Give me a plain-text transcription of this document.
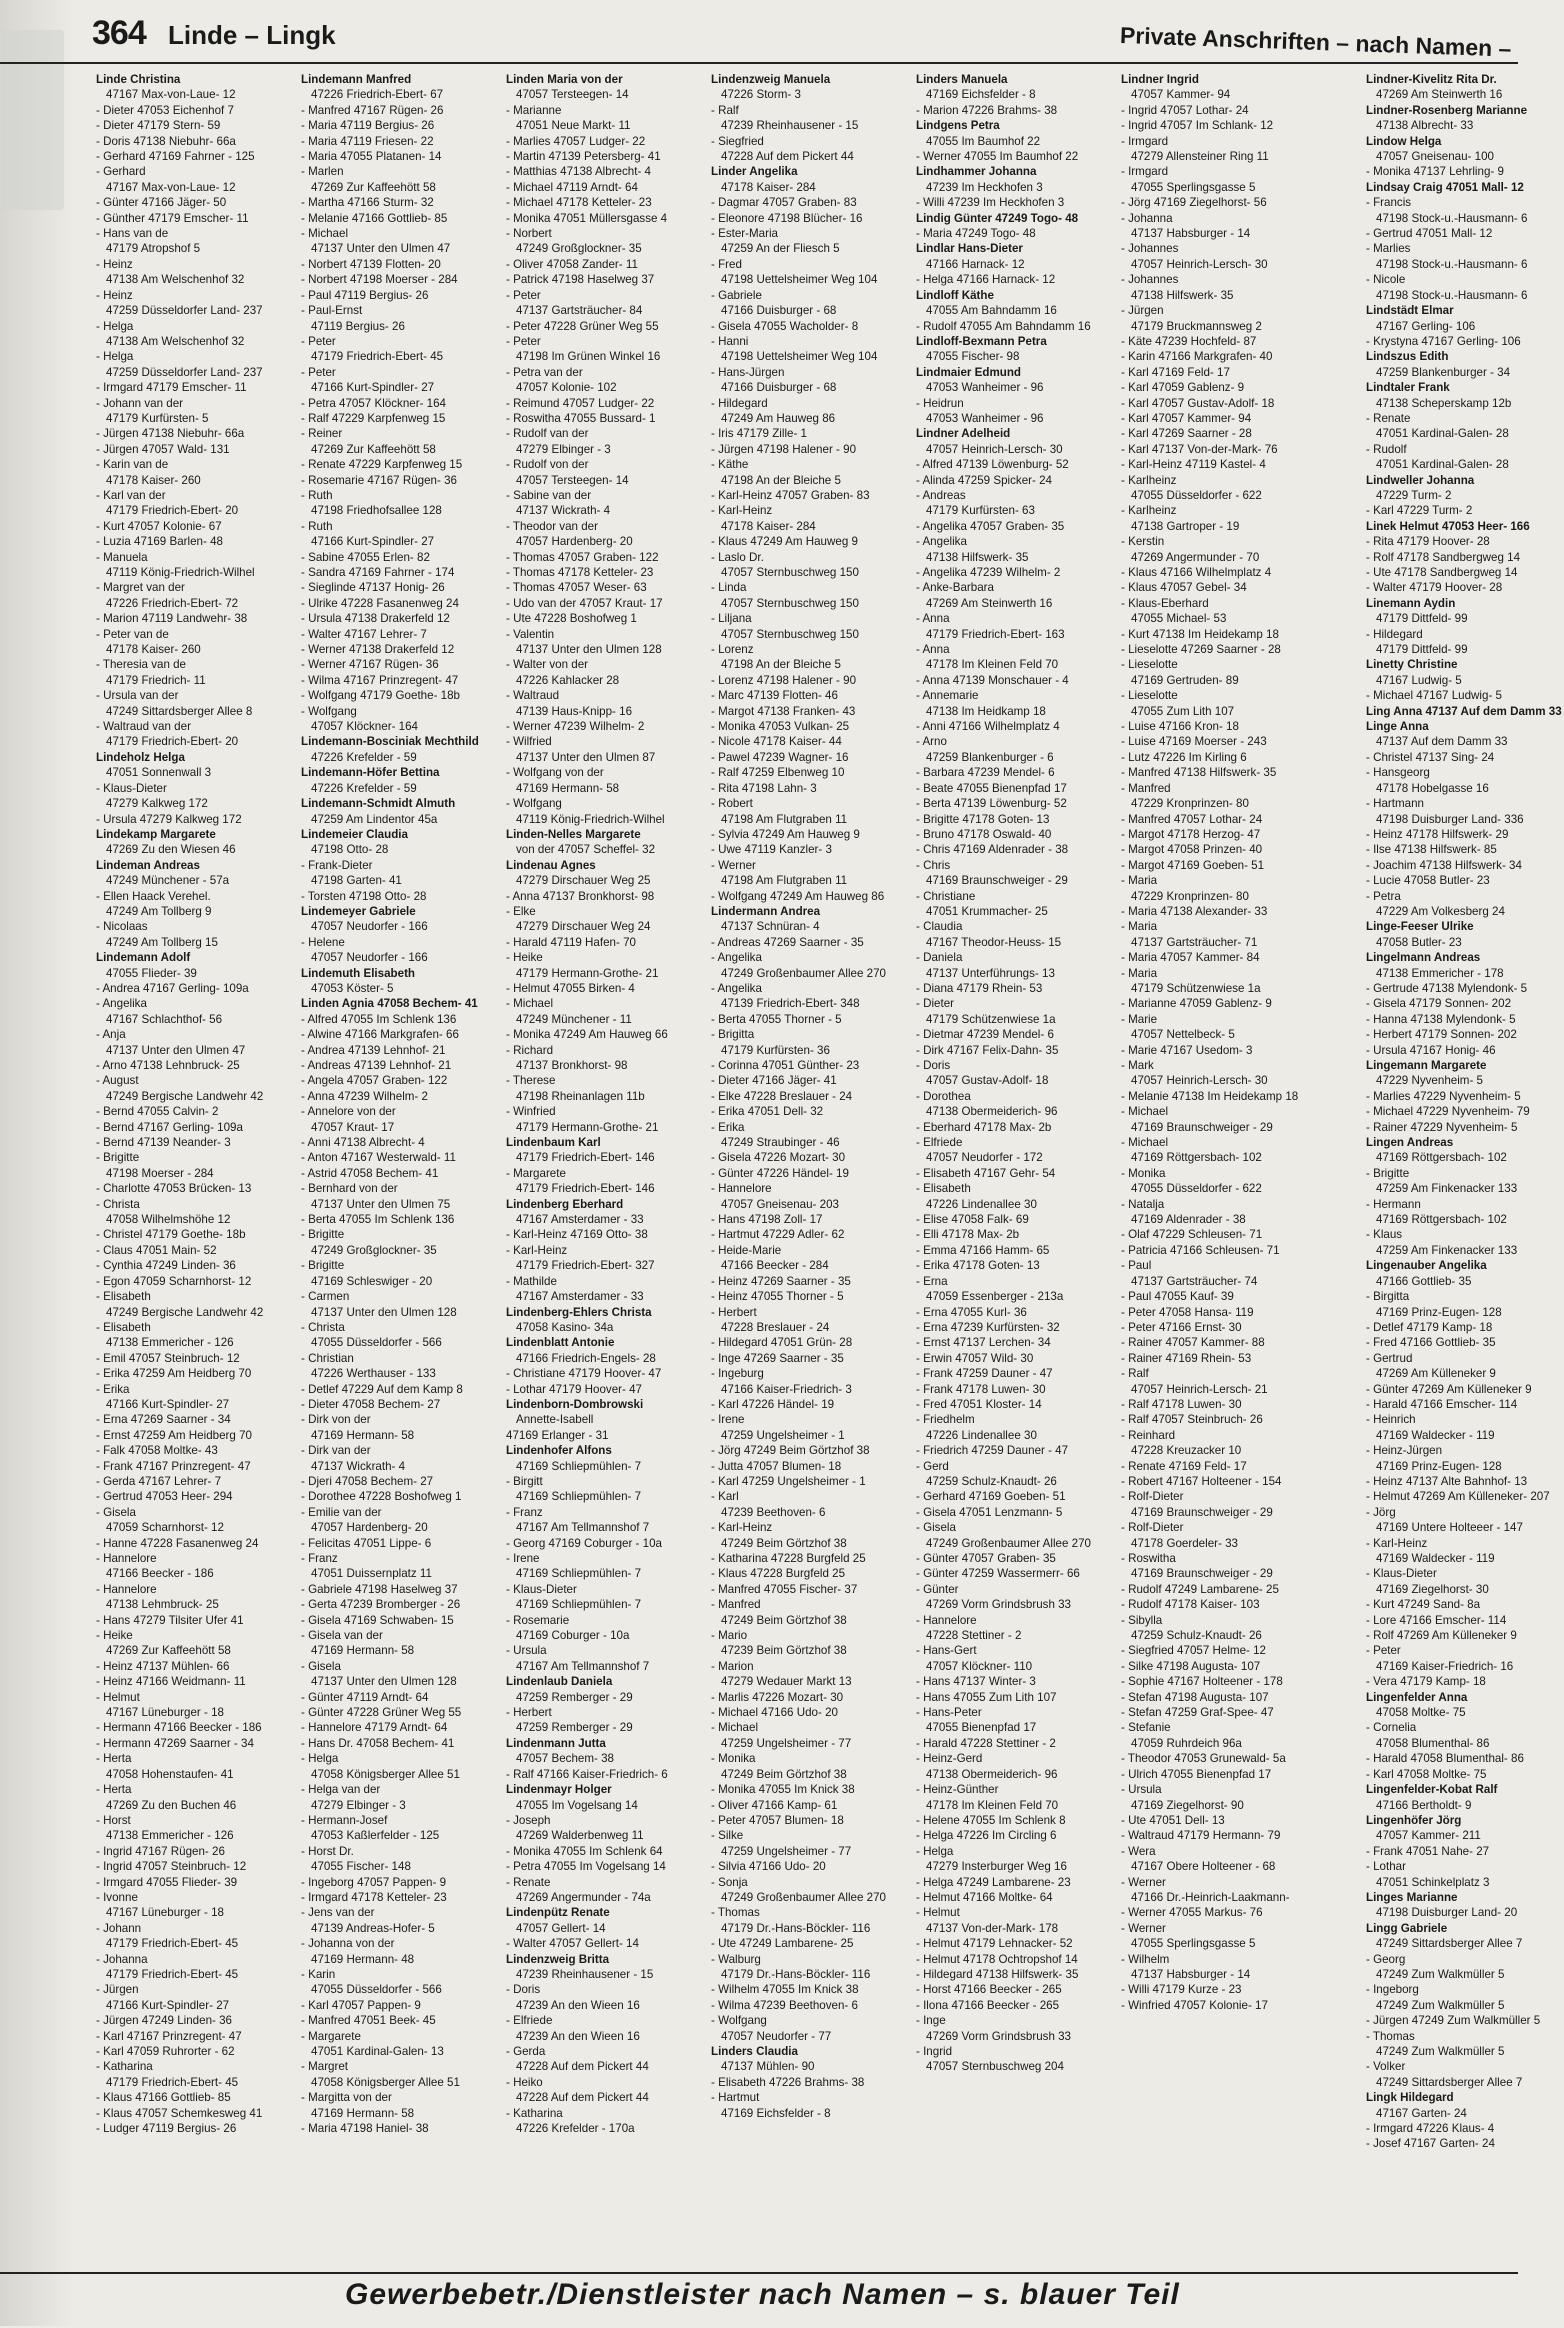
364 Linde – Lingk	Private Anschriften – nach Namen –
Linde Christina
47167 Max-von-Laue- 12
- Dieter 47053 Eichenhof 7
- Dieter 47179 Stern- 59
- Doris 47138 Niebuhr- 66a
- Gerhard 47169 Fahrner - 125
- Gerhard
47167 Max-von-Laue- 12
- Günter 47166 Jäger- 50
- Günther 47179 Emscher- 11
- Hans van de
47179 Atropshof 5
- Heinz
47138 Am Welschenhof 32
- Heinz
47259 Düsseldorfer Land- 237
- Helga
47138 Am Welschenhof 32
- Helga
47259 Düsseldorfer Land- 237
- Irmgard 47179 Emscher- 11
- Johann van der
47179 Kurfürsten- 5
- Jürgen 47138 Niebuhr- 66a
- Jürgen 47057 Wald- 131
- Karin van de
47178 Kaiser- 260
- Karl van der
47179 Friedrich-Ebert- 20
- Kurt 47057 Kolonie- 67
- Luzia 47169 Barlen- 48
- Manuela
47119 König-Friedrich-Wilhel
- Margret van der
47226 Friedrich-Ebert- 72
- Marion 47119 Landwehr- 38
- Peter van de
47178 Kaiser- 260
- Theresia van de
47179 Friedrich- 11
- Ursula van der
47249 Sittardsberger Allee 8
- Waltraud van der
47179 Friedrich-Ebert- 20
Lindeholz Helga
47051 Sonnenwall 3
- Klaus-Dieter
47279 Kalkweg 172
- Ursula 47279 Kalkweg 172
Lindekamp Margarete
47269 Zu den Wiesen 46
Lindeman Andreas
47249 Münchener - 57a
- Ellen Haack Verehel.
47249 Am Tollberg 9
- Nicolaas
47249 Am Tollberg 15
Lindemann Adolf
47055 Flieder- 39
- Andrea 47167 Gerling- 109a
- Angelika
47167 Schlachthof- 56
- Anja
47137 Unter den Ulmen 47
- Arno 47138 Lehnbruck- 25
- August
47249 Bergische Landwehr 42
- Bernd 47055 Calvin- 2
- Bernd 47167 Gerling- 109a
- Bernd 47139 Neander- 3
- Brigitte
47198 Moerser - 284
- Charlotte 47053 Brücken- 13
- Christa
47058 Wilhelmshöhe 12
- Christel 47179 Goethe- 18b
- Claus 47051 Main- 52
- Cynthia 47249 Linden- 36
- Egon 47059 Scharnhorst- 12
- Elisabeth
47249 Bergische Landwehr 42
- Elisabeth
47138 Emmericher - 126
- Emil 47057 Steinbruch- 12
- Erika 47259 Am Heidberg 70
- Erika
47166 Kurt-Spindler- 27
- Erna 47269 Saarner - 34
- Ernst 47259 Am Heidberg 70
- Falk 47058 Moltke- 43
- Frank 47167 Prinzregent- 47
- Gerda 47167 Lehrer- 7
- Gertrud 47053 Heer- 294
- Gisela
47059 Scharnhorst- 12
- Hanne 47228 Fasanenweg 24
- Hannelore
47166 Beecker - 186
- Hannelore
47138 Lehmbruck- 25
- Hans 47279 Tilsiter Ufer 41
- Heike
47269 Zur Kaffeehött 58
- Heinz 47137 Mühlen- 66
- Heinz 47166 Weidmann- 11
- Helmut
47167 Lüneburger - 18
- Hermann 47166 Beecker - 186
- Hermann 47269 Saarner - 34
- Herta
47058 Hohenstaufen- 41
- Herta
47269 Zu den Buchen 46
- Horst
47138 Emmericher - 126
- Ingrid 47167 Rügen- 26
- Ingrid 47057 Steinbruch- 12
- Irmgard 47055 Flieder- 39
- Ivonne
47167 Lüneburger - 18
- Johann
47179 Friedrich-Ebert- 45
- Johanna
47179 Friedrich-Ebert- 45
- Jürgen
47166 Kurt-Spindler- 27
- Jürgen 47249 Linden- 36
- Karl 47167 Prinzregent- 47
- Karl 47059 Ruhrorter - 62
- Katharina
47179 Friedrich-Ebert- 45
- Klaus 47166 Gottlieb- 85
- Klaus 47057 Schemkesweg 41
- Ludger 47119 Bergius- 26
Lindemann Manfred
47226 Friedrich-Ebert- 67
- Manfred 47167 Rügen- 26
- Maria 47119 Bergius- 26
- Maria 47119 Friesen- 22
- Maria 47055 Platanen- 14
- Marlen
47269 Zur Kaffeehött 58
- Martha 47166 Sturm- 32
- Melanie 47166 Gottlieb- 85
- Michael
47137 Unter den Ulmen 47
- Norbert 47139 Flotten- 20
- Norbert 47198 Moerser - 284
- Paul 47119 Bergius- 26
- Paul-Ernst
47119 Bergius- 26
- Peter
47179 Friedrich-Ebert- 45
- Peter
47166 Kurt-Spindler- 27
- Petra 47057 Klöckner- 164
- Ralf 47229 Karpfenweg 15
- Reiner
47269 Zur Kaffeehött 58
- Renate 47229 Karpfenweg 15
- Rosemarie 47167 Rügen- 36
- Ruth
47198 Friedhofsallee 128
- Ruth
47166 Kurt-Spindler- 27
- Sabine 47055 Erlen- 82
- Sandra 47169 Fahrner - 174
- Sieglinde 47137 Honig- 26
- Ulrike 47228 Fasanenweg 24
- Ursula 47138 Drakerfeld 12
- Walter 47167 Lehrer- 7
- Werner 47138 Drakerfeld 12
- Werner 47167 Rügen- 36
- Wilma 47167 Prinzregent- 47
- Wolfgang 47179 Goethe- 18b
- Wolfgang
47057 Klöckner- 164
Lindemann-Bosciniak Mechthild
47226 Krefelder - 59
Lindemann-Höfer Bettina
47226 Krefelder - 59
Lindemann-Schmidt Almuth
47259 Am Lindentor 45a
Lindemeier Claudia
47198 Otto- 28
- Frank-Dieter
47198 Garten- 41
- Torsten 47198 Otto- 28
Lindemeyer Gabriele
47057 Neudorfer - 166
- Helene
47057 Neudorfer - 166
Lindemuth Elisabeth
47053 Köster- 5
Linden Agnia 47058 Bechem- 41
- Alfred 47055 Im Schlenk 136
- Alwine 47166 Markgrafen- 66
- Andrea 47139 Lehnhof- 21
- Andreas 47139 Lehnhof- 21
- Angela 47057 Graben- 122
- Anna 47239 Wilhelm- 2
- Annelore von der
47057 Kraut- 17
- Anni 47138 Albrecht- 4
- Anton 47167 Westerwald- 11
- Astrid 47058 Bechem- 41
- Bernhard von der
47137 Unter den Ulmen 75
- Berta 47055 Im Schlenk 136
- Brigitte
47249 Großglockner- 35
- Brigitte
47169 Schleswiger - 20
- Carmen
47137 Unter den Ulmen 128
- Christa
47055 Düsseldorfer - 566
- Christian
47226 Werthauser - 133
- Detlef 47229 Auf dem Kamp 8
- Dieter 47058 Bechem- 27
- Dirk von der
47169 Hermann- 58
- Dirk van der
47137 Wickrath- 4
- Djeri 47058 Bechem- 27
- Dorothee 47228 Boshofweg 1
- Emilie van der
47057 Hardenberg- 20
- Felicitas 47051 Lippe- 6
- Franz
47051 Duissernplatz 11
- Gabriele 47198 Haselweg 37
- Gerta 47239 Bromberger - 26
- Gisela 47169 Schwaben- 15
- Gisela van der
47169 Hermann- 58
- Gisela
47137 Unter den Ulmen 128
- Günter 47119 Arndt- 64
- Günter 47228 Grüner Weg 55
- Hannelore 47179 Arndt- 64
- Hans Dr. 47058 Bechem- 41
- Helga
47058 Königsberger Allee 51
- Helga van der
47279 Elbinger - 3
- Hermann-Josef
47053 Kaßlerfelder - 125
- Horst Dr.
47055 Fischer- 148
- Ingeborg 47057 Pappen- 9
- Irmgard 47178 Ketteler- 23
- Jens van der
47139 Andreas-Hofer- 5
- Johanna von der
47169 Hermann- 48
- Karin
47055 Düsseldorfer - 566
- Karl 47057 Pappen- 9
- Manfred 47051 Beek- 45
- Margarete
47051 Kardinal-Galen- 13
- Margret
47058 Königsberger Allee 51
- Margitta von der
47169 Hermann- 58
- Maria 47198 Haniel- 38
Linden Maria von der
47057 Tersteegen- 14
- Marianne
47051 Neue Markt- 11
- Marlies 47057 Ludger- 22
- Martin 47139 Petersberg- 41
- Matthias 47138 Albrecht- 4
- Michael 47119 Arndt- 64
- Michael 47178 Ketteler- 23
- Monika 47051 Müllersgasse 4
- Norbert
47249 Großglockner- 35
- Oliver 47058 Zander- 11
- Patrick 47198 Haselweg 37
- Peter
47137 Gartsträucher- 84
- Peter 47228 Grüner Weg 55
- Peter
47198 Im Grünen Winkel 16
- Petra van der
47057 Kolonie- 102
- Reimund 47057 Ludger- 22
- Roswitha 47055 Bussard- 1
- Rudolf van der
47279 Elbinger - 3
- Rudolf von der
47057 Tersteegen- 14
- Sabine van der
47137 Wickrath- 4
- Theodor van der
47057 Hardenberg- 20
- Thomas 47057 Graben- 122
- Thomas 47178 Ketteler- 23
- Thomas 47057 Weser- 63
- Udo van der 47057 Kraut- 17
- Ute 47228 Boshofweg 1
- Valentin
47137 Unter den Ulmen 128
- Walter von der
47226 Kahlacker 28
- Waltraud
47139 Haus-Knipp- 16
- Werner 47239 Wilhelm- 2
- Wilfried
47137 Unter den Ulmen 87
- Wolfgang von der
47169 Hermann- 58
- Wolfgang
47119 König-Friedrich-Wilhel
Linden-Nelles Margarete
von der 47057 Scheffel- 32
Lindenau Agnes
47279 Dirschauer Weg 25
- Anna 47137 Bronkhorst- 98
- Elke
47279 Dirschauer Weg 24
- Harald 47119 Hafen- 70
- Heike
47179 Hermann-Grothe- 21
- Helmut 47055 Birken- 4
- Michael
47249 Münchener - 11
- Monika 47249 Am Hauweg 66
- Richard
47137 Bronkhorst- 98
- Therese
47198 Rheinanlagen 11b
- Winfried
47179 Hermann-Grothe- 21
Lindenbaum Karl
47179 Friedrich-Ebert- 146
- Margarete
47179 Friedrich-Ebert- 146
Lindenberg Eberhard
47167 Amsterdamer - 33
- Karl-Heinz 47169 Otto- 38
- Karl-Heinz
47179 Friedrich-Ebert- 327
- Mathilde
47167 Amsterdamer - 33
Lindenberg-Ehlers Christa
47058 Kasino- 34a
Lindenblatt Antonie
47166 Friedrich-Engels- 28
- Christiane 47179 Hoover- 47
- Lothar 47179 Hoover- 47
Lindenborn-Dombrowski
Annette-Isabell
47169 Erlanger - 31
Lindenhofer Alfons
47169 Schliepmühlen- 7
- Birgitt
47169 Schliepmühlen- 7
- Franz
47167 Am Tellmannshof 7
- Georg 47169 Coburger - 10a
- Irene
47169 Schliepmühlen- 7
- Klaus-Dieter
47169 Schliepmühlen- 7
- Rosemarie
47169 Coburger - 10a
- Ursula
47167 Am Tellmannshof 7
Lindenlaub Daniela
47259 Remberger - 29
- Herbert
47259 Remberger - 29
Lindenmann Jutta
47057 Bechem- 38
- Ralf 47166 Kaiser-Friedrich- 6
Lindenmayr Holger
47055 Im Vogelsang 14
- Joseph
47269 Walderbenweg 11
- Monika 47055 Im Schlenk 64
- Petra 47055 Im Vogelsang 14
- Renate
47269 Angermunder - 74a
Lindenpütz Renate
47057 Gellert- 14
- Walter 47057 Gellert- 14
Lindenzweig Britta
47239 Rheinhausener - 15
- Doris
47239 An den Wieen 16
- Elfriede
47239 An den Wieen 16
- Gerda
47228 Auf dem Pickert 44
- Heiko
47228 Auf dem Pickert 44
- Katharina
47226 Krefelder - 170a
Lindenzweig Manuela
47226 Storm- 3
- Ralf
47239 Rheinhausener - 15
- Siegfried
47228 Auf dem Pickert 44
Linder Angelika
47178 Kaiser- 284
- Dagmar 47057 Graben- 83
- Eleonore 47198 Blücher- 16
- Ester-Maria
47259 An der Fliesch 5
- Fred
47198 Uettelsheimer Weg 104
- Gabriele
47166 Duisburger - 68
- Gisela 47055 Wacholder- 8
- Hanni
47198 Uettelsheimer Weg 104
- Hans-Jürgen
47166 Duisburger - 68
- Hildegard
47249 Am Hauweg 86
- Iris 47179 Zille- 1
- Jürgen 47198 Halener - 90
- Käthe
47198 An der Bleiche 5
- Karl-Heinz 47057 Graben- 83
- Karl-Heinz
47178 Kaiser- 284
- Klaus 47249 Am Hauweg 9
- Laslo Dr.
47057 Sternbuschweg 150
- Linda
47057 Sternbuschweg 150
- Liljana
47057 Sternbuschweg 150
- Lorenz
47198 An der Bleiche 5
- Lorenz 47198 Halener - 90
- Marc 47139 Flotten- 46
- Margot 47138 Franken- 43
- Monika 47053 Vulkan- 25
- Nicole 47178 Kaiser- 44
- Pawel 47239 Wagner- 16
- Ralf 47259 Elbenweg 10
- Rita 47198 Lahn- 3
- Robert
47198 Am Flutgraben 11
- Sylvia 47249 Am Hauweg 9
- Uwe 47119 Kanzler- 3
- Werner
47198 Am Flutgraben 11
- Wolfgang 47249 Am Hauweg 86
Lindermann Andrea
47137 Schnüran- 4
- Andreas 47269 Saarner - 35
- Angelika
47249 Großenbaumer Allee 270
- Angelika
47139 Friedrich-Ebert- 348
- Berta 47055 Thorner - 5
- Brigitta
47179 Kurfürsten- 36
- Corinna 47051 Günther- 23
- Dieter 47166 Jäger- 41
- Elke 47228 Breslauer - 24
- Erika 47051 Dell- 32
- Erika
47249 Straubinger - 46
- Gisela 47226 Mozart- 30
- Günter 47226 Händel- 19
- Hannelore
47057 Gneisenau- 203
- Hans 47198 Zoll- 17
- Hartmut 47229 Adler- 62
- Heide-Marie
47166 Beecker - 284
- Heinz 47269 Saarner - 35
- Heinz 47055 Thorner - 5
- Herbert
47228 Breslauer - 24
- Hildegard 47051 Grün- 28
- Inge 47269 Saarner - 35
- Ingeburg
47166 Kaiser-Friedrich- 3
- Karl 47226 Händel- 19
- Irene
47259 Ungelsheimer - 1
- Jörg 47249 Beim Görtzhof 38
- Jutta 47057 Blumen- 18
- Karl 47259 Ungelsheimer - 1
- Karl
47239 Beethoven- 6
- Karl-Heinz
47249 Beim Görtzhof 38
- Katharina 47228 Burgfeld 25
- Klaus 47228 Burgfeld 25
- Manfred 47055 Fischer- 37
- Manfred
47249 Beim Görtzhof 38
- Mario
47239 Beim Görtzhof 38
- Marion
47279 Wedauer Markt 13
- Marlis 47226 Mozart- 30
- Michael 47166 Udo- 20
- Michael
47259 Ungelsheimer - 77
- Monika
47249 Beim Görtzhof 38
- Monika 47055 Im Knick 38
- Oliver 47166 Kamp- 61
- Peter 47057 Blumen- 18
- Silke
47259 Ungelsheimer - 77
- Silvia 47166 Udo- 20
- Sonja
47249 Großenbaumer Allee 270
- Thomas
47179 Dr.-Hans-Böckler- 116
- Ute 47249 Lambarene- 25
- Walburg
47179 Dr.-Hans-Böckler- 116
- Wilhelm 47055 Im Knick 38
- Wilma 47239 Beethoven- 6
- Wolfgang
47057 Neudorfer - 77
Linders Claudia
47137 Mühlen- 90
- Elisabeth 47226 Brahms- 38
- Hartmut
47169 Eichsfelder - 8
Linders Manuela
47169 Eichsfelder - 8
- Marion 47226 Brahms- 38
Lindgens Petra
47055 Im Baumhof 22
- Werner 47055 Im Baumhof 22
Lindhammer Johanna
47239 Im Heckhofen 3
- Willi 47239 Im Heckhofen 3
Lindig Günter 47249 Togo- 48
- Maria 47249 Togo- 48
Lindlar Hans-Dieter
47166 Harnack- 12
- Helga 47166 Harnack- 12
Lindloff Käthe
47055 Am Bahndamm 16
- Rudolf 47055 Am Bahndamm 16
Lindloff-Bexmann Petra
47055 Fischer- 98
Lindmaier Edmund
47053 Wanheimer - 96
- Heidrun
47053 Wanheimer - 96
Lindner Adelheid
47057 Heinrich-Lersch- 30
- Alfred 47139 Löwenburg- 52
- Alinda 47259 Spicker- 24
- Andreas
47179 Kurfürsten- 63
- Angelika 47057 Graben- 35
- Angelika
47138 Hilfswerk- 35
- Angelika 47239 Wilhelm- 2
- Anke-Barbara
47269 Am Steinwerth 16
- Anna
47179 Friedrich-Ebert- 163
- Anna
47178 Im Kleinen Feld 70
- Anna 47139 Monschauer - 4
- Annemarie
47138 Im Heidkamp 18
- Anni 47166 Wilhelmplatz 4
- Arno
47259 Blankenburger - 6
- Barbara 47239 Mendel- 6
- Beate 47055 Bienenpfad 17
- Berta 47139 Löwenburg- 52
- Brigitte 47178 Goten- 13
- Bruno 47178 Oswald- 40
- Chris 47169 Aldenrader - 38
- Chris
47169 Braunschweiger - 29
- Christiane
47051 Krummacher- 25
- Claudia
47167 Theodor-Heuss- 15
- Daniela
47137 Unterführungs- 13
- Diana 47179 Rhein- 53
- Dieter
47179 Schützenwiese 1a
- Dietmar 47239 Mendel- 6
- Dirk 47167 Felix-Dahn- 35
- Doris
47057 Gustav-Adolf- 18
- Dorothea
47138 Obermeiderich- 96
- Eberhard 47178 Max- 2b
- Elfriede
47057 Neudorfer - 172
- Elisabeth 47167 Gehr- 54
- Elisabeth
47226 Lindenallee 30
- Elise 47058 Falk- 69
- Elli 47178 Max- 2b
- Emma 47166 Hamm- 65
- Erika 47178 Goten- 13
- Erna
47059 Essenberger - 213a
- Erna 47055 Kurl- 36
- Erna 47239 Kurfürsten- 32
- Ernst 47137 Lerchen- 34
- Erwin 47057 Wild- 30
- Frank 47259 Dauner - 47
- Frank 47178 Luwen- 30
- Fred 47051 Kloster- 14
- Friedhelm
47226 Lindenallee 30
- Friedrich 47259 Dauner - 47
- Gerd
47259 Schulz-Knaudt- 26
- Gerhard 47169 Goeben- 51
- Gisela 47051 Lenzmann- 5
- Gisela
47249 Großenbaumer Allee 270
- Günter 47057 Graben- 35
- Günter 47259 Wassermerr- 66
- Günter
47269 Vorm Grindsbrush 33
- Hannelore
47228 Stettiner - 2
- Hans-Gert
47057 Klöckner- 110
- Hans 47137 Winter- 3
- Hans 47055 Zum Lith 107
- Hans-Peter
47055 Bienenpfad 17
- Harald 47228 Stettiner - 2
- Heinz-Gerd
47138 Obermeiderich- 96
- Heinz-Günther
47178 Im Kleinen Feld 70
- Helene 47055 Im Schlenk 8
- Helga 47226 Im Circling 6
- Helga
47279 Insterburger Weg 16
- Helga 47249 Lambarene- 23
- Helmut 47166 Moltke- 64
- Helmut
47137 Von-der-Mark- 178
- Helmut 47179 Lehnacker- 52
- Helmut 47178 Ochtropshof 14
- Hildegard 47138 Hilfswerk- 35
- Horst 47166 Beecker - 265
- Ilona 47166 Beecker - 265
- Inge
47269 Vorm Grindsbrush 33
- Ingrid
47057 Sternbuschweg 204
Lindner Ingrid
47057 Kammer- 94
- Ingrid 47057 Lothar- 24
- Ingrid 47057 Im Schlank- 12
- Irmgard
47279 Allensteiner Ring 11
- Irmgard
47055 Sperlingsgasse 5
- Jörg 47169 Ziegelhorst- 56
- Johanna
47137 Habsburger - 14
- Johannes
47057 Heinrich-Lersch- 30
- Johannes
47138 Hilfswerk- 35
- Jürgen
47179 Bruckmannsweg 2
- Käte 47239 Hochfeld- 87
- Karin 47166 Markgrafen- 40
- Karl 47169 Feld- 17
- Karl 47059 Gablenz- 9
- Karl 47057 Gustav-Adolf- 18
- Karl 47057 Kammer- 94
- Karl 47269 Saarner - 28
- Karl 47137 Von-der-Mark- 76
- Karl-Heinz 47119 Kastel- 4
- Karlheinz
47055 Düsseldorfer - 622
- Karlheinz
47138 Gartroper - 19
- Kerstin
47269 Angermunder - 70
- Klaus 47166 Wilhelmplatz 4
- Klaus 47057 Gebel- 34
- Klaus-Eberhard
47055 Michael- 53
- Kurt 47138 Im Heidekamp 18
- Lieselotte 47269 Saarner - 28
- Lieselotte
47169 Gertruden- 89
- Lieselotte
47055 Zum Lith 107
- Luise 47166 Kron- 18
- Luise 47169 Moerser - 243
- Lutz 47226 Im Kirling 6
- Manfred 47138 Hilfswerk- 35
- Manfred
47229 Kronprinzen- 80
- Manfred 47057 Lothar- 24
- Margot 47178 Herzog- 47
- Margot 47058 Prinzen- 40
- Margot 47169 Goeben- 51
- Maria
47229 Kronprinzen- 80
- Maria 47138 Alexander- 33
- Maria
47137 Gartsträucher- 71
- Maria 47057 Kammer- 84
- Maria
47179 Schützenwiese 1a
- Marianne 47059 Gablenz- 9
- Marie
47057 Nettelbeck- 5
- Marie 47167 Usedom- 3
- Mark
47057 Heinrich-Lersch- 30
- Melanie 47138 Im Heidekamp 18
- Michael
47169 Braunschweiger - 29
- Michael
47169 Röttgersbach- 102
- Monika
47055 Düsseldorfer - 622
- Natalja
47169 Aldenrader - 38
- Olaf 47229 Schleusen- 71
- Patricia 47166 Schleusen- 71
- Paul
47137 Gartsträucher- 74
- Paul 47055 Kauf- 39
- Peter 47058 Hansa- 119
- Peter 47166 Ernst- 30
- Rainer 47057 Kammer- 88
- Rainer 47169 Rhein- 53
- Ralf
47057 Heinrich-Lersch- 21
- Ralf 47178 Luwen- 30
- Ralf 47057 Steinbruch- 26
- Reinhard
47228 Kreuzacker 10
- Renate 47169 Feld- 17
- Robert 47167 Holteener - 154
- Rolf-Dieter
47169 Braunschweiger - 29
- Rolf-Dieter
47178 Goerdeler- 33
- Roswitha
47169 Braunschweiger - 29
- Rudolf 47249 Lambarene- 25
- Rudolf 47178 Kaiser- 103
- Sibylla
47259 Schulz-Knaudt- 26
- Siegfried 47057 Helme- 12
- Silke 47198 Augusta- 107
- Sophie 47167 Holteener - 178
- Stefan 47198 Augusta- 107
- Stefan 47259 Graf-Spee- 47
- Stefanie
47059 Ruhrdeich 96a
- Theodor 47053 Grunewald- 5a
- Ulrich 47055 Bienenpfad 17
- Ursula
47169 Ziegelhorst- 90
- Ute 47051 Dell- 13
- Waltraud 47179 Hermann- 79
- Wera
47167 Obere Holteener - 68
- Werner
47166 Dr.-Heinrich-Laakmann-
- Werner 47055 Markus- 76
- Werner
47055 Sperlingsgasse 5
- Wilhelm
47137 Habsburger - 14
- Willi 47179 Kurze - 23
- Winfried 47057 Kolonie- 17
Lindner-Kivelitz Rita Dr.
47269 Am Steinwerth 16
Lindner-Rosenberg Marianne
47138 Albrecht- 33
Lindow Helga
47057 Gneisenau- 100
- Monika 47137 Lehrling- 9
Lindsay Craig 47051 Mall- 12
- Francis
47198 Stock-u.-Hausmann- 6
- Gertrud 47051 Mall- 12
- Marlies
47198 Stock-u.-Hausmann- 6
- Nicole
47198 Stock-u.-Hausmann- 6
Lindstädt Elmar
47167 Gerling- 106
- Krystyna 47167 Gerling- 106
Lindszus Edith
47259 Blankenburger - 34
Lindtaler Frank
47138 Scheperskamp 12b
- Renate
47051 Kardinal-Galen- 28
- Rudolf
47051 Kardinal-Galen- 28
Lindweller Johanna
47229 Turm- 2
- Karl 47229 Turm- 2
Linek Helmut 47053 Heer- 166
- Rita 47179 Hoover- 28
- Rolf 47178 Sandbergweg 14
- Ute 47178 Sandbergweg 14
- Walter 47179 Hoover- 28
Linemann Aydin
47179 Dittfeld- 99
- Hildegard
47179 Dittfeld- 99
Linetty Christine
47167 Ludwig- 5
- Michael 47167 Ludwig- 5
Ling Anna 47137 Auf dem Damm 33
Linge Anna
47137 Auf dem Damm 33
- Christel 47137 Sing- 24
- Hansgeorg
47178 Hobelgasse 16
- Hartmann
47198 Duisburger Land- 336
- Heinz 47178 Hilfswerk- 29
- Ilse 47138 Hilfswerk- 85
- Joachim 47138 Hilfswerk- 34
- Lucie 47058 Butler- 23
- Petra
47229 Am Volkesberg 24
Linge-Feeser Ulrike
47058 Butler- 23
Lingelmann Andreas
47138 Emmericher - 178
- Gertrude 47138 Mylendonk- 5
- Gisela 47179 Sonnen- 202
- Hanna 47138 Mylendonk- 5
- Herbert 47179 Sonnen- 202
- Ursula 47167 Honig- 46
Lingemann Margarete
47229 Nyvenheim- 5
- Marlies 47229 Nyvenheim- 5
- Michael 47229 Nyvenheim- 79
- Rainer 47229 Nyvenheim- 5
Lingen Andreas
47169 Röttgersbach- 102
- Brigitte
47259 Am Finkenacker 133
- Hermann
47169 Röttgersbach- 102
- Klaus
47259 Am Finkenacker 133
Lingenauber Angelika
47166 Gottlieb- 35
- Birgitta
47169 Prinz-Eugen- 128
- Detlef 47179 Kamp- 18
- Fred 47166 Gottlieb- 35
- Gertrud
47269 Am Külleneker 9
- Günter 47269 Am Külleneker 9
- Harald 47166 Emscher- 114
- Heinrich
47169 Waldecker - 119
- Heinz-Jürgen
47169 Prinz-Eugen- 128
- Heinz 47137 Alte Bahnhof- 13
- Helmut 47269 Am Külleneker- 207
- Jörg
47169 Untere Holteeer - 147
- Karl-Heinz
47169 Waldecker - 119
- Klaus-Dieter
47169 Ziegelhorst- 30
- Kurt 47249 Sand- 8a
- Lore 47166 Emscher- 114
- Rolf 47269 Am Külleneker 9
- Peter
47169 Kaiser-Friedrich- 16
- Vera 47179 Kamp- 18
Lingenfelder Anna
47058 Moltke- 75
- Cornelia
47058 Blumenthal- 86
- Harald 47058 Blumenthal- 86
- Karl 47058 Moltke- 75
Lingenfelder-Kobat Ralf
47166 Bertholdt- 9
Lingenhöfer Jörg
47057 Kammer- 211
- Frank 47051 Nahe- 27
- Lothar
47051 Schinkelplatz 3
Linges Marianne
47198 Duisburger Land- 20
Lingg Gabriele
47249 Sittardsberger Allee 7
- Georg
47249 Zum Walkmüller 5
- Ingeborg
47249 Zum Walkmüller 5
- Jürgen 47249 Zum Walkmüller 5
- Thomas
47249 Zum Walkmüller 5
- Volker
47249 Sittardsberger Allee 7
Lingk Hildegard
47167 Garten- 24
- Irmgard 47226 Klaus- 4
- Josef 47167 Garten- 24
Gewerbebetr./Dienstleister nach Namen – s. blauer Teil
